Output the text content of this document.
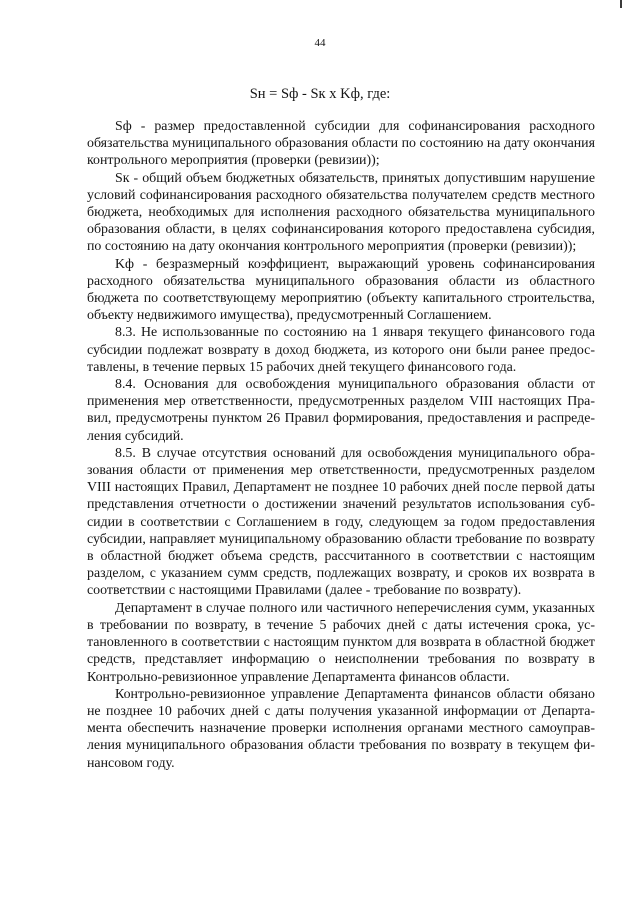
44
Sн = Sф - Sк x Kф, где:

Sф - размер предоставленной субсидии для софинансирования расходного обязательства муниципального образования области по состоянию на дату окончания контрольного мероприятия (проверки (ревизии));

Sк - общий объем бюджетных обязательств, принятых допустившим нарушение условий софинансирования расходного обязательства получателем средств местного бюджета, необходимых для исполнения расходного обязательства муниципального образования области, в целях софинансирования которого предоставлена субсидия, по состоянию на дату окончания контрольного мероприятия (проверки (ревизии));

Kф - безразмерный коэффициент, выражающий уровень софинансирования расходного обязательства муниципального образования области из областного бюджета по соответствующему мероприятию (объекту капитального строительства, объекту недвижимого имущества), предусмотренный Соглашением.

8.3. Не использованные по состоянию на 1 января текущего финансового года субсидии подлежат возврату в доход бюджета, из которого они были ранее предоставлены, в течение первых 15 рабочих дней текущего финансового года.

8.4. Основания для освобождения муниципального образования области от применения мер ответственности, предусмотренных разделом VIII настоящих Правил, предусмотрены пунктом 26 Правил формирования, предоставления и распределения субсидий.

8.5. В случае отсутствия оснований для освобождения муниципального образования области от применения мер ответственности, предусмотренных разделом VIII настоящих Правил, Департамент не позднее 10 рабочих дней после первой даты представления отчетности о достижении значений результатов использования субсидии в соответствии с Соглашением в году, следующем за годом предоставления субсидии, направляет муниципальному образованию области требование по возврату в областной бюджет объема средств, рассчитанного в соответствии с настоящим разделом, с указанием сумм средств, подлежащих возврату, и сроков их возврата в соответствии с настоящими Правилами (далее - требование по возврату).

Департамент в случае полного или частичного неперечисления сумм, указанных в требовании по возврату, в течение 5 рабочих дней с даты истечения срока, установленного в соответствии с настоящим пунктом для возврата в областной бюджет средств, представляет информацию о неисполнении требования по возврату в Контрольно-ревизионное управление Департамента финансов области.

Контрольно-ревизионное управление Департамента финансов области обязано не позднее 10 рабочих дней с даты получения указанной информации от Департамента обеспечить назначение проверки исполнения органами местного самоуправления муниципального образования области требования по возврату в текущем финансовом году.
